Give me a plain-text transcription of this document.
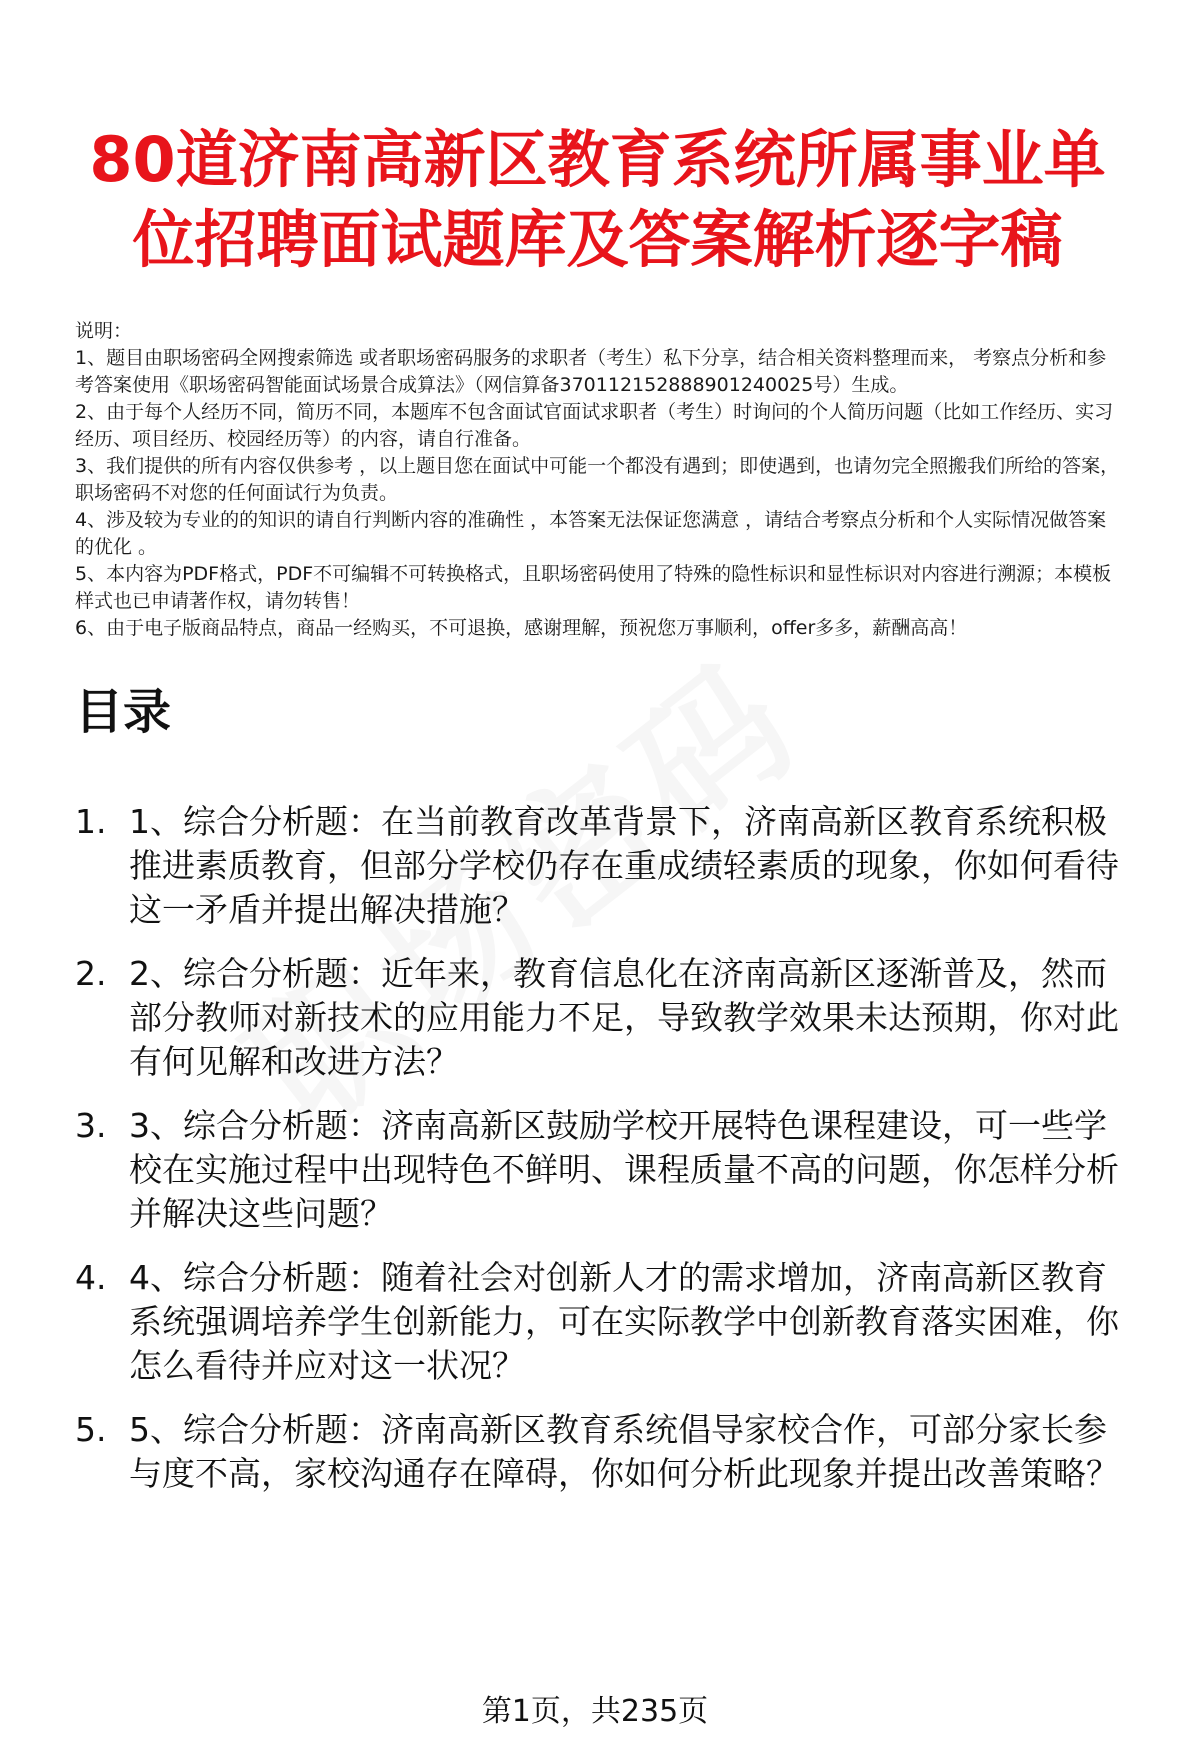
80道济南高新区教育系统所属事业单位招聘面试题库及答案解析逐字稿

说明：

1、题目由职场密码全网搜索筛选 或者职场密码服务的求职者（考生）私下分享，结合相关资料整理而来， 考察点分析和参考答案使用《职场密码智能面试场景合成算法》（网信算备370112152888901240025号）生成。

2、由于每个人经历不同，简历不同，本题库不包含面试官面试求职者（考生）时询问的个人简历问题（比如工作经历、实习经历、项目经历、校园经历等）的内容，请自行准备。

3、我们提供的所有内容仅供参考 ，以上题目您在面试中可能一个都没有遇到；即使遇到，也请勿完全照搬我们所给的答案，职场密码不对您的任何面试行为负责。

4、涉及较为专业的的知识的请自行判断内容的准确性 ，本答案无法保证您满意 ，请结合考察点分析和个人实际情况做答案的优化 。

5、本内容为PDF格式，PDF不可编辑不可转换格式，且职场密码使用了特殊的隐性标识和显性标识对内容进行溯源；本模板样式也已申请著作权，请勿转售！

6、由于电子版商品特点，商品一经购买，不可退换，感谢理解，预祝您万事顺利，offer多多，薪酬高高！

目录
1. 1、综合分析题：在当前教育改革背景下，济南高新区教育系统积极推进素质教育，但部分学校仍存在重成绩轻素质的现象，你如何看待这一矛盾并提出解决措施？
2. 2、综合分析题：近年来，教育信息化在济南高新区逐渐普及，然而部分教师对新技术的应用能力不足，导致教学效果未达预期，你对此有何见解和改进方法？
3. 3、综合分析题：济南高新区鼓励学校开展特色课程建设，可一些学校在实施过程中出现特色不鲜明、课程质量不高的问题，你怎样分析并解决这些问题？
4. 4、综合分析题：随着社会对创新人才的需求增加，济南高新区教育系统强调培养学生创新能力，可在实际教学中创新教育落实困难，你怎么看待并应对这一状况？
5. 5、综合分析题：济南高新区教育系统倡导家校合作，可部分家长参与度不高，家校沟通存在障碍，你如何分析此现象并提出改善策略？
第1页，共235页
